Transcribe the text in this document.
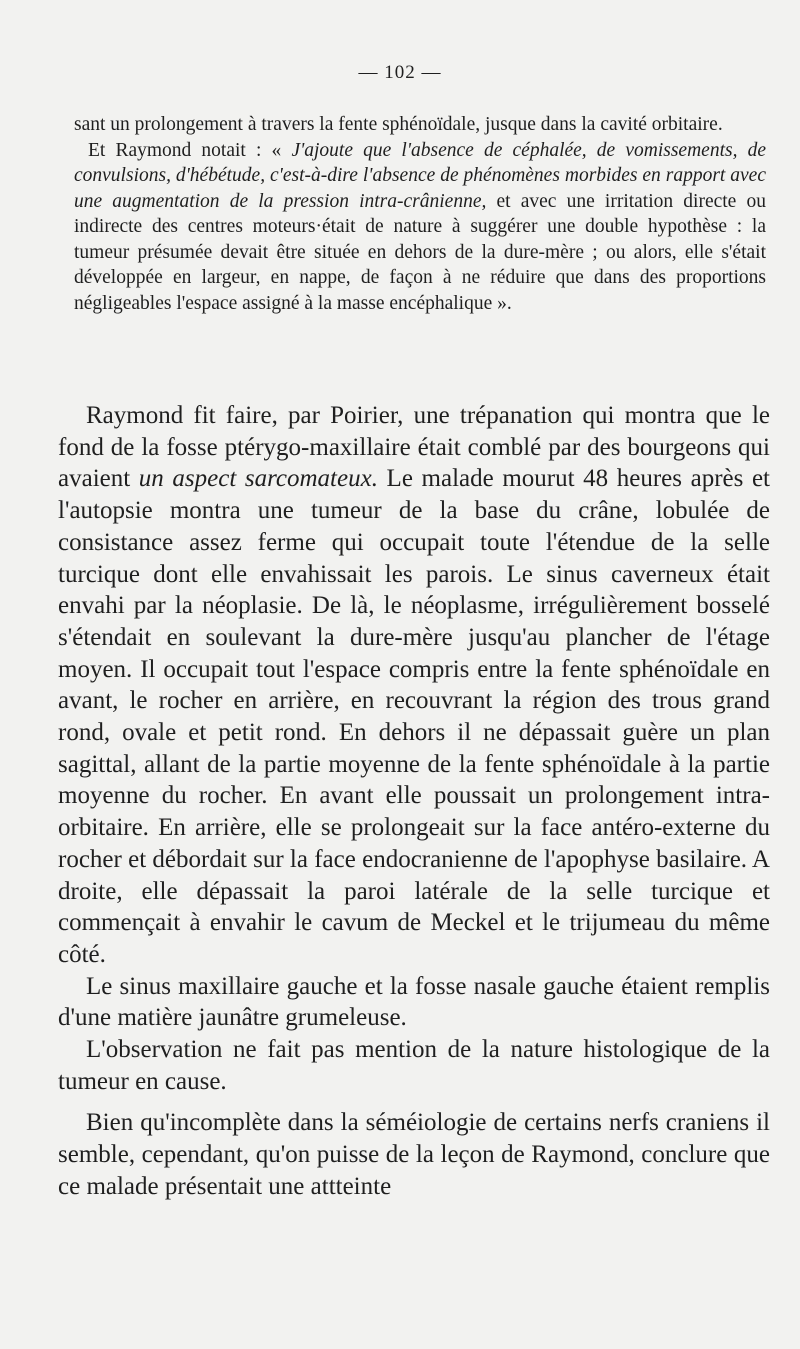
— 102 —

sant un prolongement à travers la fente sphénoïdale, jusque dans la cavité orbitaire.

Et Raymond notait : « J'ajoute que l'absence de céphalée, de vomissements, de convulsions, d'hébétude, c'est-à-dire l'absence de phénomènes morbides en rapport avec une augmentation de la pression intra-crânienne, et avec une irritation directe ou indirecte des centres moteurs·était de nature à suggérer une double hypothèse : la tumeur présumée devait être située en dehors de la dure-mère ; ou alors, elle s'était développée en largeur, en nappe, de façon à ne réduire que dans des proportions négligeables l'espace assigné à la masse encéphalique ».

Raymond fit faire, par Poirier, une trépanation qui montra que le fond de la fosse ptérygo-maxillaire était comblé par des bourgeons qui avaient un aspect sarcomateux. Le malade mourut 48 heures après et l'autopsie montra une tumeur de la base du crâne, lobulée de consistance assez ferme qui occupait toute l'étendue de la selle turcique dont elle envahissait les parois. Le sinus caverneux était envahi par la néoplasie. De là, le néoplasme, irrégulièrement bosselé s'étendait en soulevant la dure-mère jusqu'au plancher de l'étage moyen. Il occupait tout l'espace compris entre la fente sphénoïdale en avant, le rocher en arrière, en recouvrant la région des trous grand rond, ovale et petit rond. En dehors il ne dépassait guère un plan sagittal, allant de la partie moyenne de la fente sphénoïdale à la partie moyenne du rocher. En avant elle poussait un prolongement intra-orbitaire. En arrière, elle se prolongeait sur la face antéro-externe du rocher et débordait sur la face endocranienne de l'apophyse basilaire. A droite, elle dépassait la paroi latérale de la selle turcique et commençait à envahir le cavum de Meckel et le trijumeau du même côté.

Le sinus maxillaire gauche et la fosse nasale gauche étaient remplis d'une matière jaunâtre grumeleuse.

L'observation ne fait pas mention de la nature histologique de la tumeur en cause.

Bien qu'incomplète dans la séméiologie de certains nerfs craniens il semble, cependant, qu'on puisse de la leçon de Raymond, conclure que ce malade présentait une attteinte
